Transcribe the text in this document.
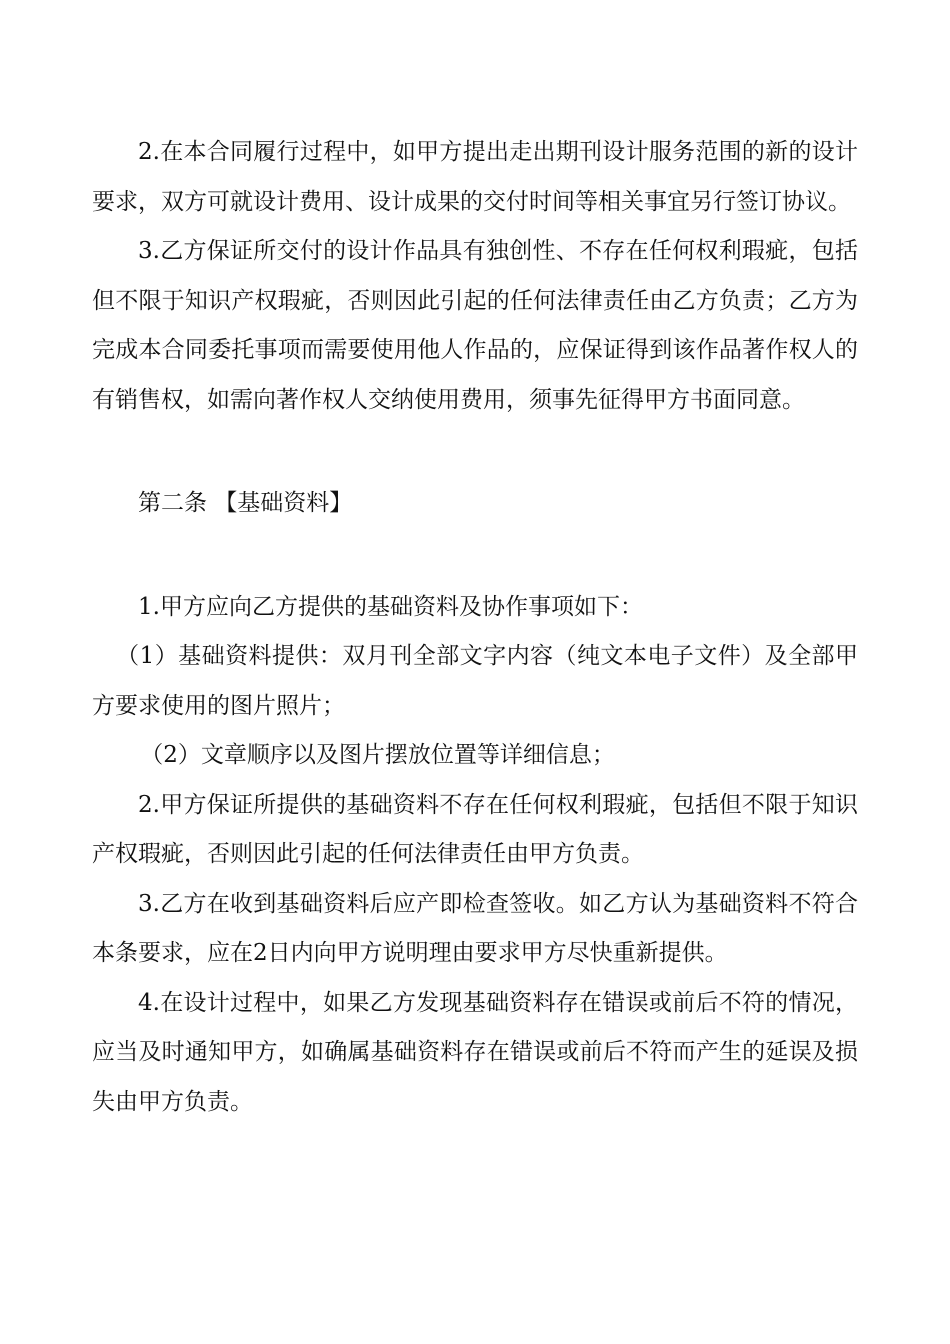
2.在本合同履行过程中，如甲方提出走出期刊设计服务范围的新的设计要求，双方可就设计费用、设计成果的交付时间等相关事宜另行签订协议。

3.乙方保证所交付的设计作品具有独创性、不存在任何权利瑕疵，包括但不限于知识产权瑕疵，否则因此引起的任何法律责任由乙方负责；乙方为完成本合同委托事项而需要使用他人作品的，应保证得到该作品著作权人的有销售权，如需向著作权人交纳使用费用，须事先征得甲方书面同意。

第二条 【基础资料】

1.甲方应向乙方提供的基础资料及协作事项如下：

（1）基础资料提供：双月刊全部文字内容（纯文本电子文件）及全部甲方要求使用的图片照片；

（2）文章顺序以及图片摆放位置等详细信息；

2.甲方保证所提供的基础资料不存在任何权利瑕疵，包括但不限于知识产权瑕疵，否则因此引起的任何法律责任由甲方负责。

3.乙方在收到基础资料后应产即检查签收。如乙方认为基础资料不符合本条要求，应在2日内向甲方说明理由要求甲方尽快重新提供。

4.在设计过程中，如果乙方发现基础资料存在错误或前后不符的情况，应当及时通知甲方，如确属基础资料存在错误或前后不符而产生的延误及损失由甲方负责。
